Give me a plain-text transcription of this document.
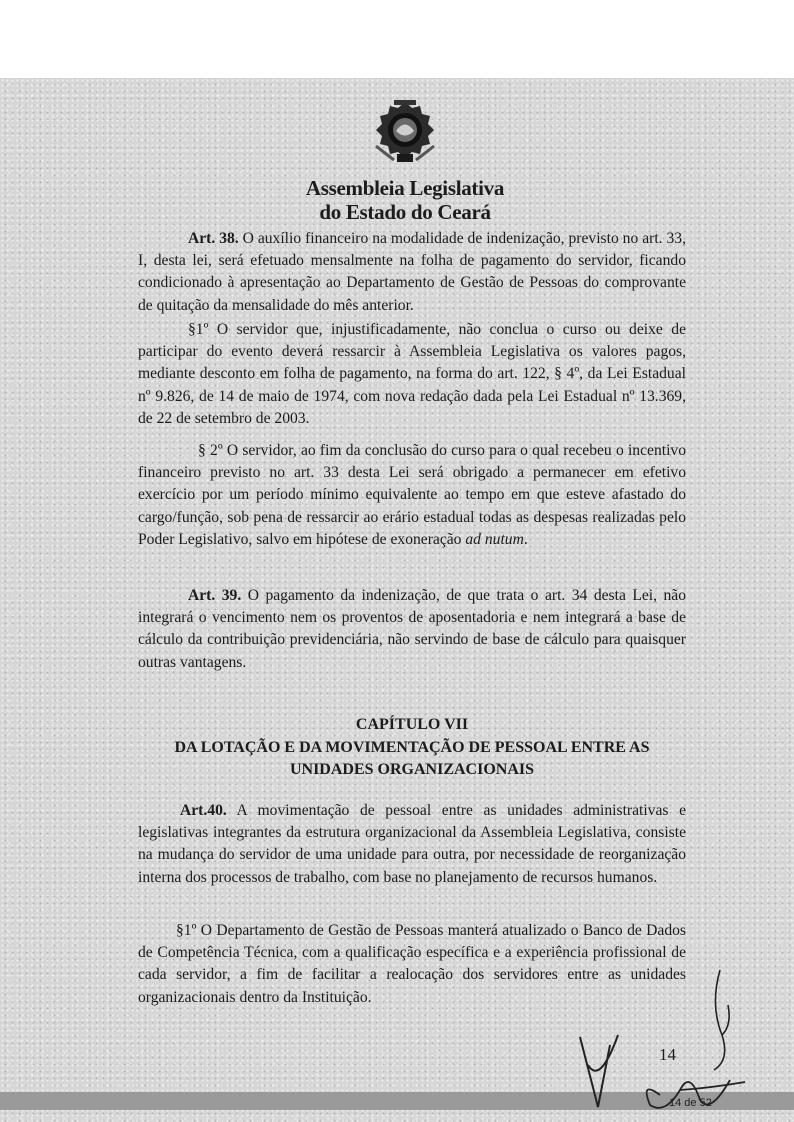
Assembleia Legislativa
do Estado do Ceará
Art. 38. O auxílio financeiro na modalidade de indenização, previsto no art. 33, I, desta lei, será efetuado mensalmente na folha de pagamento do servidor, ficando condicionado à apresentação ao Departamento de Gestão de Pessoas do comprovante de quitação da mensalidade do mês anterior.
§1º O servidor que, injustificadamente, não conclua o curso ou deixe de participar do evento deverá ressarcir à Assembleia Legislativa os valores pagos, mediante desconto em folha de pagamento, na forma do art. 122, § 4º, da Lei Estadual nº 9.826, de 14 de maio de 1974, com nova redação dada pela Lei Estadual nº 13.369, de 22 de setembro de 2003.
§ 2º O servidor, ao fim da conclusão do curso para o qual recebeu o incentivo financeiro previsto no art. 33 desta Lei será obrigado a permanecer em efetivo exercício por um período mínimo equivalente ao tempo em que esteve afastado do cargo/função, sob pena de ressarcir ao erário estadual todas as despesas realizadas pelo Poder Legislativo, salvo em hipótese de exoneração ad nutum.
Art. 39. O pagamento da indenização, de que trata o art. 34 desta Lei, não integrará o vencimento nem os proventos de aposentadoria e nem integrará a base de cálculo da contribuição previdenciária, não servindo de base de cálculo para quaisquer outras vantagens.
CAPÍTULO VII
DA LOTAÇÃO E DA MOVIMENTAÇÃO DE PESSOAL ENTRE AS
UNIDADES ORGANIZACIONAIS
Art.40. A movimentação de pessoal entre as unidades administrativas e legislativas integrantes da estrutura organizacional da Assembleia Legislativa, consiste na mudança do servidor de uma unidade para outra, por necessidade de reorganização interna dos processos de trabalho, com base no planejamento de recursos humanos.
§1º O Departamento de Gestão de Pessoas manterá atualizado o Banco de Dados de Competência Técnica, com a qualificação específica e a experiência profissional de cada servidor, a fim de facilitar a realocação dos servidores entre as unidades organizacionais dentro da Instituição.
14
14 de 52
